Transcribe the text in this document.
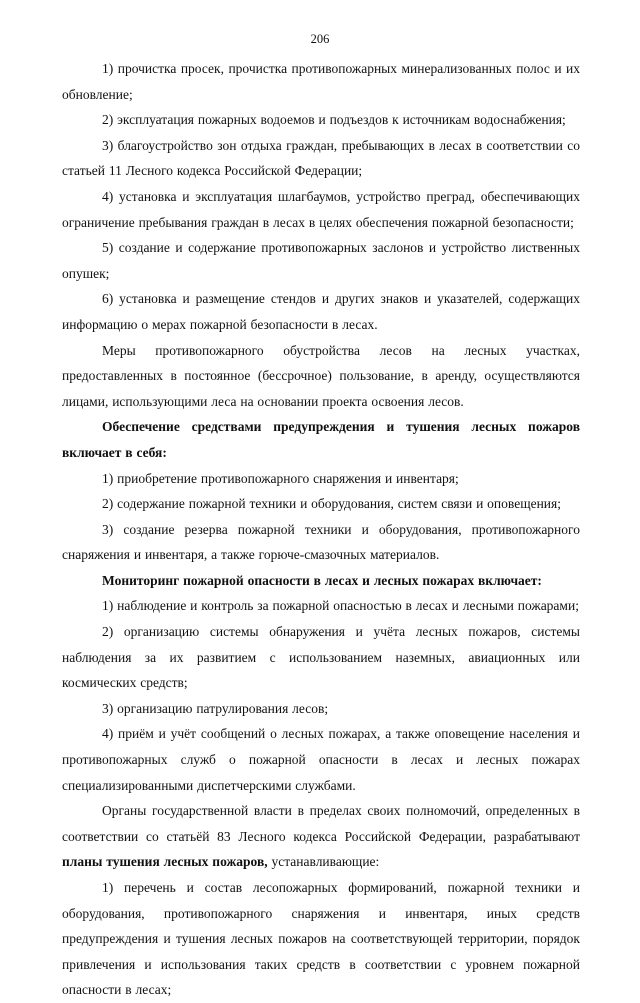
206

1) прочистка просек, прочистка противопожарных минерализованных полос и их обновление;

2) эксплуатация пожарных водоемов и подъездов к источникам водоснабжения;

3) благоустройство зон отдыха граждан, пребывающих в лесах в соответствии со статьей 11 Лесного кодекса Российской Федерации;

4) установка и эксплуатация шлагбаумов, устройство преград, обеспечивающих ограничение пребывания граждан в лесах в целях обеспечения пожарной безопасности;

5) создание и содержание противопожарных заслонов и устройство лиственных опушек;

6) установка и размещение стендов и других знаков и указателей, содержащих информацию о мерах пожарной безопасности в лесах.

Меры противопожарного обустройства лесов на лесных участках, предоставленных в постоянное (бессрочное) пользование, в аренду, осуществляются лицами, использующими леса на основании проекта освоения лесов.

Обеспечение средствами предупреждения и тушения лесных пожаров включает в себя:

1) приобретение противопожарного снаряжения и инвентаря;

2) содержание пожарной техники и оборудования, систем связи и оповещения;

3) создание резерва пожарной техники и оборудования, противопожарного снаряжения и инвентаря, а также горюче-смазочных материалов.

Мониторинг пожарной опасности в лесах и лесных пожарах включает:

1) наблюдение и контроль за пожарной опасностью в лесах и лесными пожарами;

2) организацию системы обнаружения и учёта лесных пожаров, системы наблюдения за их развитием с использованием наземных, авиационных или космических средств;

3) организацию патрулирования лесов;

4) приём и учёт сообщений о лесных пожарах, а также оповещение населения и противопожарных служб о пожарной опасности в лесах и лесных пожарах специализированными диспетчерскими службами.

Органы государственной власти в пределах своих полномочий, определенных в соответствии со статьёй 83 Лесного кодекса Российской Федерации, разрабатывают планы тушения лесных пожаров, устанавливающие:

1) перечень и состав лесопожарных формирований, пожарной техники и оборудования, противопожарного снаряжения и инвентаря, иных средств предупреждения и тушения лесных пожаров на соответствующей территории, порядок привлечения и использования таких средств в соответствии с уровнем пожарной опасности в лесах;
